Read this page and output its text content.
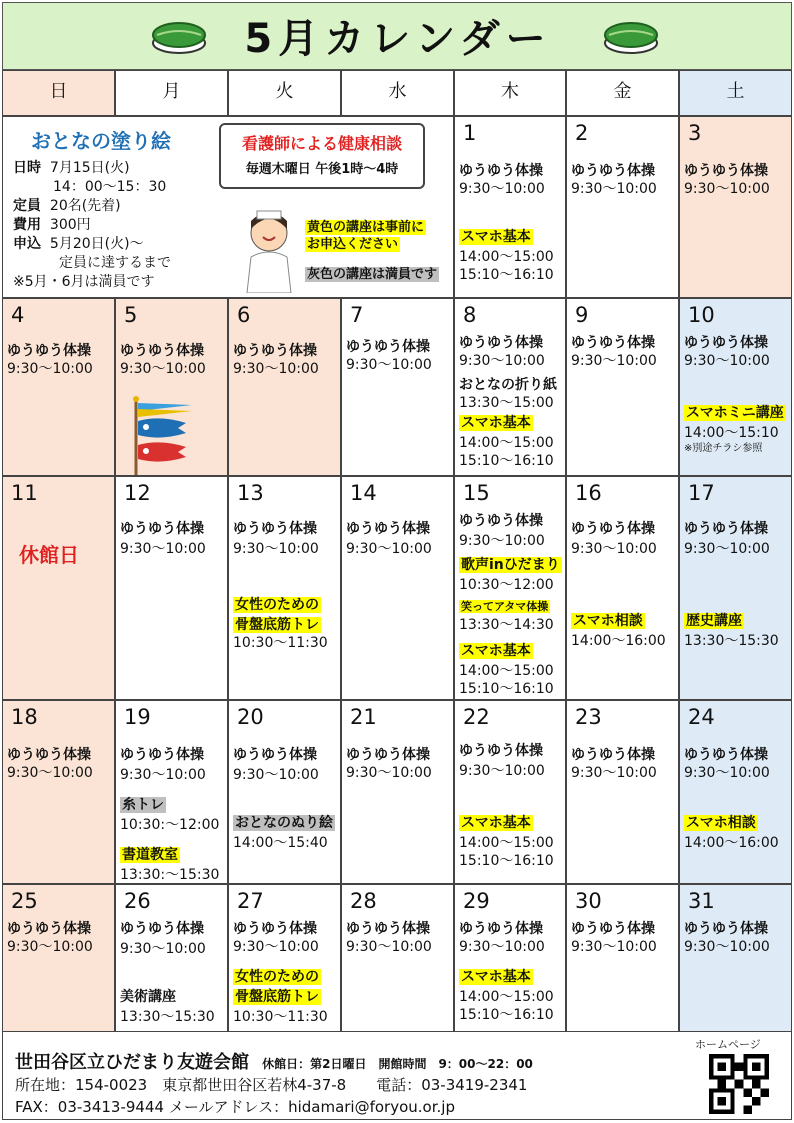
5月カレンダー
日	月	火	水	木	金	土
おとなの塗り絵
日時 7月15日(火)
14：00～15：30
定員 20名(先着)
費用 300円
申込 5月20日(火)～
定員に達するまで
※5月・6月は満員です
看護師による健康相談
毎週木曜日 午後1時～4時
黄色の講座は事前に
お申込ください
灰色の講座は満員です
1
ゆうゆう体操
9:30～10:00
スマホ基本
14:00～15:00
15:10～16:10
2
ゆうゆう体操
9:30～10:00
3
ゆうゆう体操
9:30～10:00
4
ゆうゆう体操
9:30～10:00
5
ゆうゆう体操
9:30～10:00
6
ゆうゆう体操
9:30～10:00
7
ゆうゆう体操
9:30～10:00
8
ゆうゆう体操
9:30～10:00
おとなの折り紙
13:30～15:00
スマホ基本
14:00～15:00
15:10～16:10
9
ゆうゆう体操
9:30～10:00
10
ゆうゆう体操
9:30～10:00
スマホミニ講座
14:00～15:10
※別途チラシ参照
11
休館日
12
ゆうゆう体操
9:30～10:00
13
ゆうゆう体操
9:30～10:00
女性のための
骨盤底筋トレ
10:30～11:30
14
ゆうゆう体操
9:30～10:00
15
ゆうゆう体操
9:30～10:00
歌声inひだまり
10:30～12:00
笑ってアタマ体操
13:30～14:30
スマホ基本
14:00～15:00
15:10～16:10
16
ゆうゆう体操
9:30～10:00
スマホ相談
14:00～16:00
17
ゆうゆう体操
9:30～10:00
歴史講座
13:30～15:30
18
ゆうゆう体操
9:30～10:00
19
ゆうゆう体操
9:30～10:00
糸トレ
10:30:～12:00
書道教室
13:30:～15:30
20
ゆうゆう体操
9:30～10:00
おとなのぬり絵
14:00～15:40
21
ゆうゆう体操
9:30～10:00
22
ゆうゆう体操
9:30～10:00
スマホ基本
14:00～15:00
15:10～16:10
23
ゆうゆう体操
9:30～10:00
24
ゆうゆう体操
9:30～10:00
スマホ相談
14:00～16:00
25
ゆうゆう体操
9:30～10:00
26
ゆうゆう体操
9:30～10:00
美術講座
13:30～15:30
27
ゆうゆう体操
9:30～10:00
女性のための
骨盤底筋トレ
10:30～11:30
28
ゆうゆう体操
9:30～10:00
29
ゆうゆう体操
9:30～10:00
スマホ基本
14:00～15:00
15:10～16:10
30
ゆうゆう体操
9:30～10:00
31
ゆうゆう体操
9:30～10:00
世田谷区立ひだまり友遊会館 休館日：第2日曜日　開館時間　9：00～22：00
所在地：154-0023　東京都世田谷区若林4-37-8　　電話：03-3419-2341
FAX：03-3413-9444 メールアドレス：hidamari@foryou.or.jp
ホームページ
